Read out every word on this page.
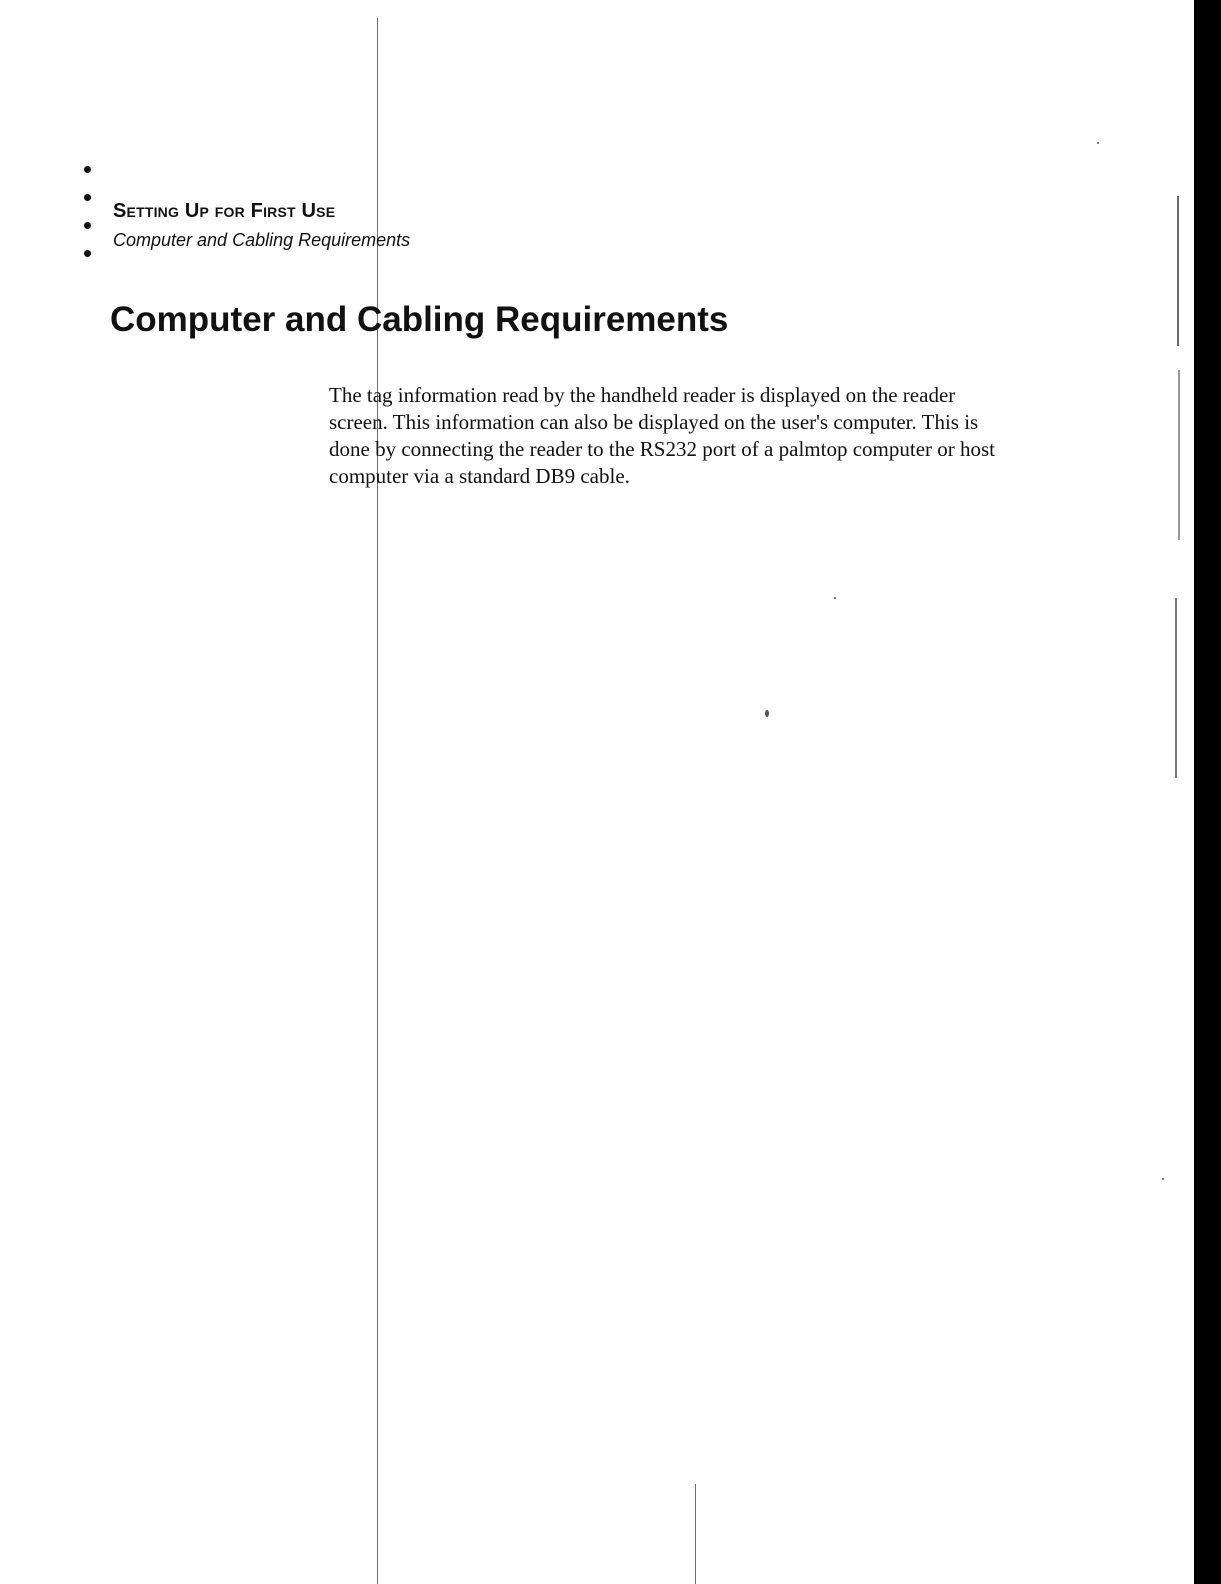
Setting Up for First Use
Computer and Cabling Requirements
Computer and Cabling Requirements

The tag information read by the handheld reader is displayed on the reader screen. This information can also be displayed on the user's computer. This is done by connecting the reader to the RS232 port of a palmtop computer or host computer via a standard DB9 cable.
